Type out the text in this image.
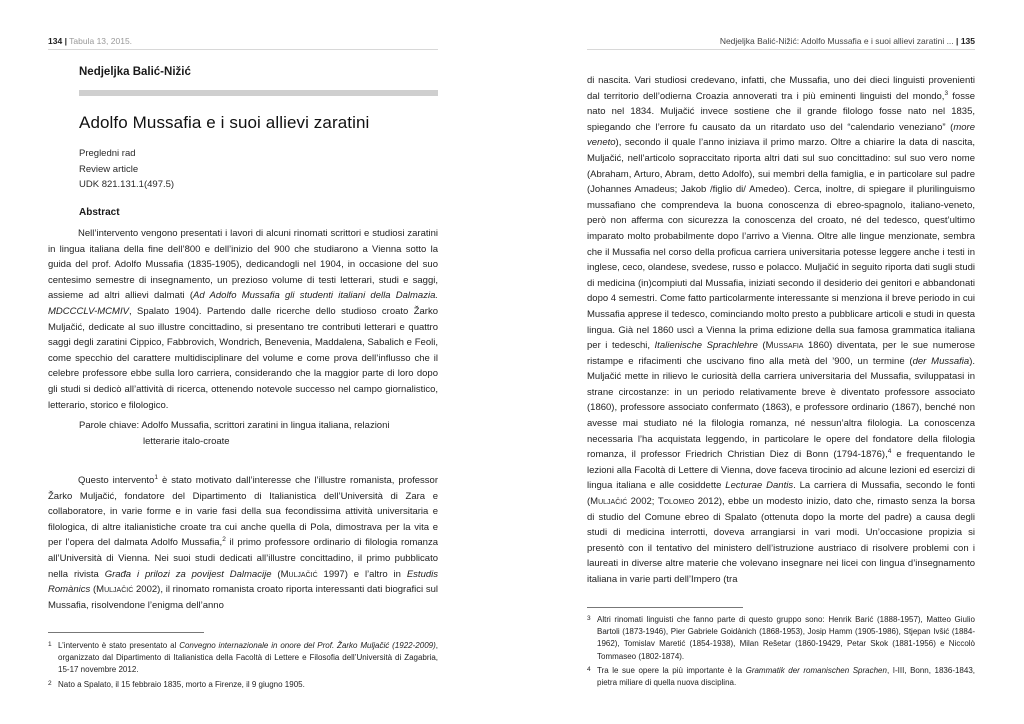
134 | Tabula 13, 2015.
Nedjeljka Balić-Nižić
Adolfo Mussafia e i suoi allievi zaratini
Pregledni rad
Review article
UDK 821.131.1(497.5)
Abstract

Nell’intervento vengono presentati i lavori di alcuni rinomati scrittori e studiosi zaratini in lingua italiana della fine dell’800 e dell’inizio del 900 che studiarono a Vienna sotto la guida del prof. Adolfo Mussafia (1835-1905), dedicandogli nel 1904, in occasione del suo centesimo semestre di insegnamento, un prezioso volume di testi letterari, studi e saggi, assieme ad altri allievi dalmati (Ad Adolfo Mussafia gli studenti italiani della Dalmazia. MDCCCLV-MCMIV, Spalato 1904). Partendo dalle ricerche dello studioso croato Žarko Muljačić, dedicate al suo illustre concittadino, si presentano tre contributi letterari e quattro saggi degli zaratini Cippico, Fabbrovich, Wondrich, Benevenia, Maddalena, Sabalich e Feoli, come specchio del carattere multidisciplinare del volume e come prova dell’influsso che il celebre professore ebbe sulla loro carriera, considerando che la maggior parte di loro dopo gli studi si dedicò all’attività di ricerca, ottenendo notevole successo nel campo giornalistico, letterario, storico e filologico.

Parole chiave: Adolfo Mussafia, scrittori zaratini in lingua italiana, relazioni
letterarie italo-croate

Questo intervento$^1$ è stato motivato dall’interesse che l’illustre romanista, professor Žarko Muljačić, fondatore del Dipartimento di Italianistica dell’Università di Zara e collaboratore, in varie forme e in varie fasi della sua fecondissima attività universitaria e filologica, di altre italianistiche croate tra cui anche quella di Pola, dimostrava per la vita e per l’opera del dalmata Adolfo Mussafia,$^2$ il primo professore ordinario di filologia romanza all’Università di Vienna. Nei suoi studi dedicati all’illustre concittadino, il primo pubblicato nella rivista Građa i prilozi za povijest Dalmacije (Muljačić 1997) e l’altro in Estudis Romànics (Muljačić 2002), il rinomato romanista croato riporta interessanti dati biografici sul Mussafia, risolvendone l’enigma dell’anno

1 L’intervento è stato presentato al Convegno internazionale in onore del Prof. Žarko Muljačić (1922-2009), organizzato dal Dipartimento di Italianistica della Facoltà di Lettere e Filosofia dell’Università di Zagabria, 15-17 novembre 2012.
2 Nato a Spalato, il 15 febbraio 1835, morto a Firenze, il 9 giugno 1905.
Nedjeljka Balić-Nižić: Adolfo Mussafia e i suoi allievi zaratini ... | 135

di nascita. Vari studiosi credevano, infatti, che Mussafia, uno dei dieci linguisti provenienti dal territorio dell’odierna Croazia annoverati tra i più eminenti linguisti del mondo,$^3$ fosse nato nel 1834. Muljačić invece sostiene che il grande filologo fosse nato nel 1835, spiegando che l’errore fu causato da un ritardato uso del “calendario veneziano” (more veneto), secondo il quale l’anno iniziava il primo marzo. Oltre a chiarire la data di nascita, Muljačić, nell’articolo sopraccitato riporta altri dati sul suo concittadino: sul suo vero nome (Abraham, Arturo, Abram, detto Adolfo), sui membri della famiglia, e in particolare sul padre (Johannes Amadeus; Jakob /figlio di/ Amedeo). Cerca, inoltre, di spiegare il plurilinguismo mussafiano che comprendeva la buona conoscenza di ebreo-spagnolo, italiano-veneto, però non afferma con sicurezza la conoscenza del croato, né del tedesco, quest’ultimo imparato molto probabilmente dopo l’arrivo a Vienna. Oltre alle lingue menzionate, sembra che il Mussafia nel corso della proficua carriera universitaria potesse leggere anche i testi in inglese, ceco, olandese, svedese, russo e polacco. Muljačić in seguito riporta dati sugli studi di medicina (in)compiuti dal Mussafia, iniziati secondo il desiderio dei genitori e abbandonati dopo 4 semestri. Come fatto particolarmente interessante si menziona il breve periodo in cui Mussafia apprese il tedesco, cominciando molto presto a pubblicare articoli e studi in questa lingua. Già nel 1860 uscì a Vienna la prima edizione della sua famosa grammatica italiana per i tedeschi, Italienische Sprachlehre (Mussafia 1860) diventata, per le sue numerose ristampe e rifacimenti che uscivano fino alla metà del ’900, un termine (der Mussafia). Muljačić mette in rilievo le curiosità della carriera universitaria del Mussafia, sviluppatasi in strane circostanze: in un periodo relativamente breve è diventato professore associato (1860), professore associato confermato (1863), e professore ordinario (1867), benché non avesse mai studiato né la filologia romanza, né nessun’altra filologia. La conoscenza necessaria l’ha acquistata leggendo, in particolare le opere del fondatore della filologia romanza, il professor Friedrich Christian Diez di Bonn (1794-1876),$^4$ e frequentando le lezioni alla Facoltà di Lettere di Vienna, dove faceva tirocinio ad alcune lezioni ed esercizi di lingua italiana e alle cosiddette Lecturae Dantis. La carriera di Mussafia, secondo le fonti (Muljačić 2002; Tolomeo 2012), ebbe un modesto inizio, dato che, rimasto senza la borsa di studio del Comune ebreo di Spalato (ottenuta dopo la morte del padre) a causa degli studi di medicina interrotti, doveva arrangiarsi in vari modi. Un’occasione propizia si presentò con il tentativo del ministero dell’istruzione austriaco di risolvere problemi con i laureati in diverse altre materie che volevano insegnare nei licei con lingua d’insegnamento italiana in varie parti dell’Impero (tra

3 Altri rinomati linguisti che fanno parte di questo gruppo sono: Henrik Barić (1888-1957), Matteo Giulio Bartoli (1873-1946), Pier Gabriele Goidànich (1868-1953), Josip Hamm (1905-1986), Stjepan Ivšić (1884-1962), Tomislav Maretić (1854-1938), Milan Rešetar (1860-19429, Petar Skok (1881-1956) e Niccolò Tommaseo (1802-1874).
4 Tra le sue opere la più importante è la Grammatik der romanischen Sprachen, I-III, Bonn, 1836-1843, pietra miliare di quella nuova disciplina.
